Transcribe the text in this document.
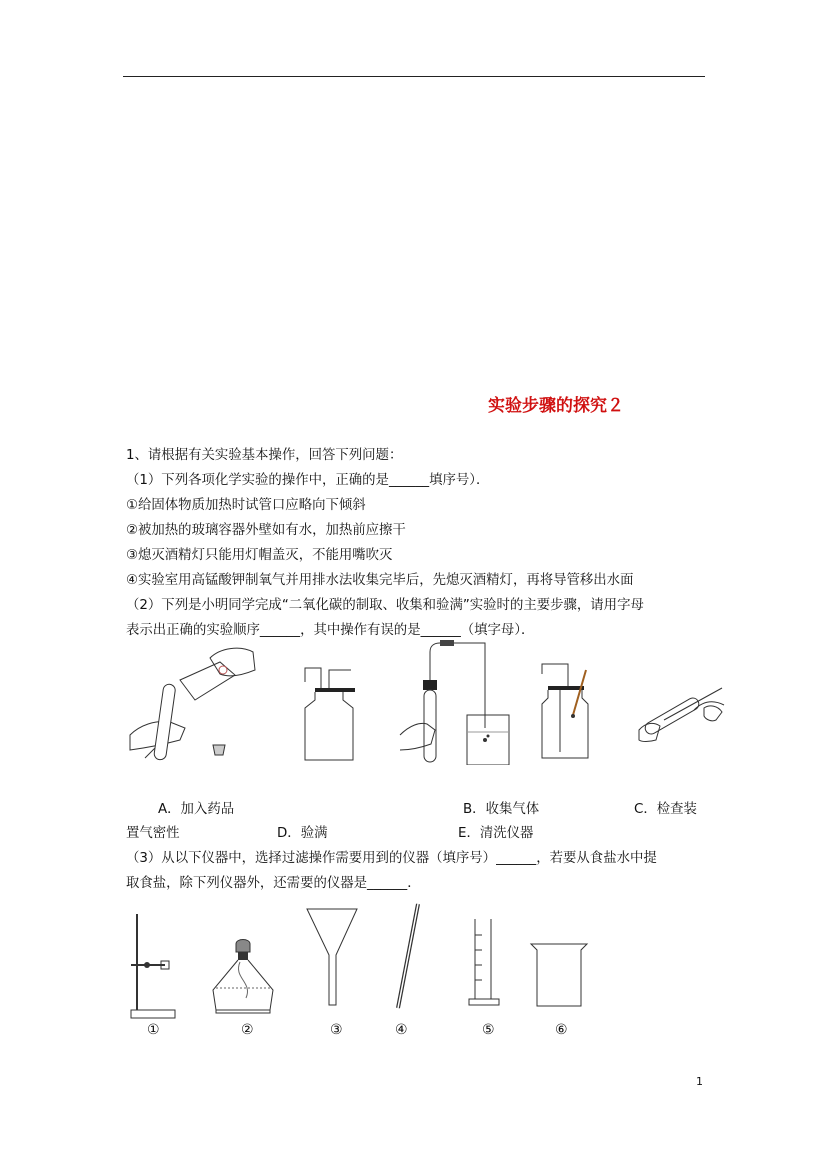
实验步骤的探究２
1、请根据有关实验基本操作，回答下列问题：
（1）下列各项化学实验的操作中，正确的是______填序号）．
①给固体物质加热时试管口应略向下倾斜
②被加热的玻璃容器外壁如有水，加热前应擦干
③熄灭酒精灯只能用灯帽盖灭，不能用嘴吹灭
④实验室用高锰酸钾制氧气并用排水法收集完毕后，先熄灭酒精灯，再将导管移出水面
（2）下列是小明同学完成“二氧化碳的制取、收集和验满”实验时的主要步骤，请用字母
表示出正确的实验顺序______，其中操作有误的是______（填字母）．
A．加入药品	B．收集气体	C．检查装
置气密性	D．验满	E．清洗仪器
（3）从以下仪器中，选择过滤操作需要用到的仪器（填序号）______，若要从食盐水中提
取食盐，除下列仪器外，还需要的仪器是______．
①	②	③	④	⑤	⑥
1
